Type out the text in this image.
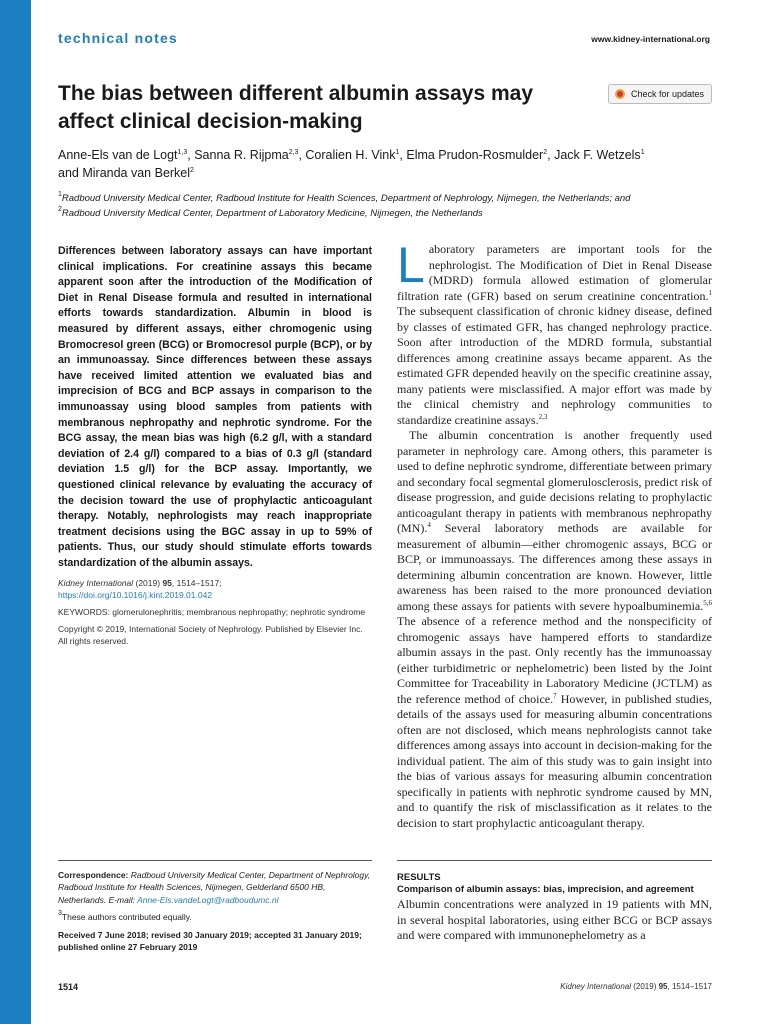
technical notes	www.kidney-international.org
The bias between different albumin assays may affect clinical decision-making
Check for updates
Anne-Els van de Logt$^{1,3}$, Sanna R. Rijpma$^{2,3}$, Coralien H. Vink$^1$, Elma Prudon-Rosmulder$^2$, Jack F. Wetzels$^1$
and Miranda van Berkel$^2$
$^1$Radboud University Medical Center, Radboud Institute for Health Sciences, Department of Nephrology, Nijmegen, the Netherlands; and
$^2$Radboud University Medical Center, Department of Laboratory Medicine, Nijmegen, the Netherlands

Differences between laboratory assays can have important clinical implications. For creatinine assays this became apparent soon after the introduction of the Modification of Diet in Renal Disease formula and resulted in international efforts towards standardization. Albumin in blood is measured by different assays, either chromogenic using Bromocresol green (BCG) or Bromocresol purple (BCP), or by an immunoassay. Since differences between these assays have received limited attention we evaluated bias and imprecision of BCG and BCP assays in comparison to the immunoassay using blood samples from patients with membranous nephropathy and nephrotic syndrome. For the BCG assay, the mean bias was high (6.2 g/l, with a standard deviation of 2.4 g/l) compared to a bias of 0.3 g/l (standard deviation 1.5 g/l) for the BCP assay. Importantly, we questioned clinical relevance by evaluating the accuracy of the decision toward the use of prophylactic anticoagulant therapy. Notably, nephrologists may reach inappropriate treatment decisions using the BGC assay in up to 59% of patients. Thus, our study should stimulate efforts towards standardization of the albumin assays.

Kidney International (2019) 95, 1514–1517; https://doi.org/10.1016/j.kint.2019.01.042

KEYWORDS: glomerulonephritis; membranous nephropathy; nephrotic syndrome

Copyright © 2019, International Society of Nephrology. Published by Elsevier Inc. All rights reserved.

Correspondence: Radboud University Medical Center, Department of Nephrology, Radboud Institute for Health Sciences, Nijmegen, Gelderland 6500 HB, Netherlands. E-mail: Anne-Els.vandeLogt@radboudumc.nl

$^3$These authors contributed equally.

Received 7 June 2018; revised 30 January 2019; accepted 31 January 2019; published online 27 February 2019

L aboratory parameters are important tools for the nephrologist. The Modification of Diet in Renal Disease (MDRD) formula allowed estimation of glomerular filtration rate (GFR) based on serum creatinine concentration.$^1$ The subsequent classification of chronic kidney disease, defined by classes of estimated GFR, has changed nephrology practice. Soon after introduction of the MDRD formula, substantial differences among creatinine assays became apparent. As the estimated GFR depended heavily on the specific creatinine assay, many patients were misclassified. A major effort was made by the clinical chemistry and nephrology communities to standardize creatinine assays.$^{2,3}$

The albumin concentration is another frequently used parameter in nephrology care. Among others, this parameter is used to define nephrotic syndrome, differentiate between primary and secondary focal segmental glomerulosclerosis, predict risk of disease progression, and guide decisions relating to prophylactic anticoagulant therapy in patients with membranous nephropathy (MN).$^4$ Several laboratory methods are available for measurement of albumin—either chromogenic assays, BCG or BCP, or immunoassays. The differences among these assays in determining albumin concentration are known. However, little awareness has been raised to the more pronounced deviation among these assays for patients with severe hypoalbuminemia.$^{5,6}$ The absence of a reference method and the nonspecificity of chromogenic assays have hampered efforts to standardize albumin assays in the past. Only recently has the immunoassay (either turbidimetric or nephelometric) been listed by the Joint Committee for Traceability in Laboratory Medicine (JCTLM) as the reference method of choice.$^7$ However, in published studies, details of the assays used for measuring albumin concentrations often are not disclosed, which means nephrologists cannot take differences among assays into account in decision-making for the individual patient. The aim of this study was to gain insight into the bias of various assays for measuring albumin concentration specifically in patients with nephrotic syndrome caused by MN, and to quantify the risk of misclassification as it relates to the decision to start prophylactic anticoagulant therapy.

RESULTS
Comparison of albumin assays: bias, imprecision, and agreement

Albumin concentrations were analyzed in 19 patients with MN, in several hospital laboratories, using either BCG or BCP assays and were compared with immunonephelometry as a

1514	Kidney International (2019) 95, 1514–1517
